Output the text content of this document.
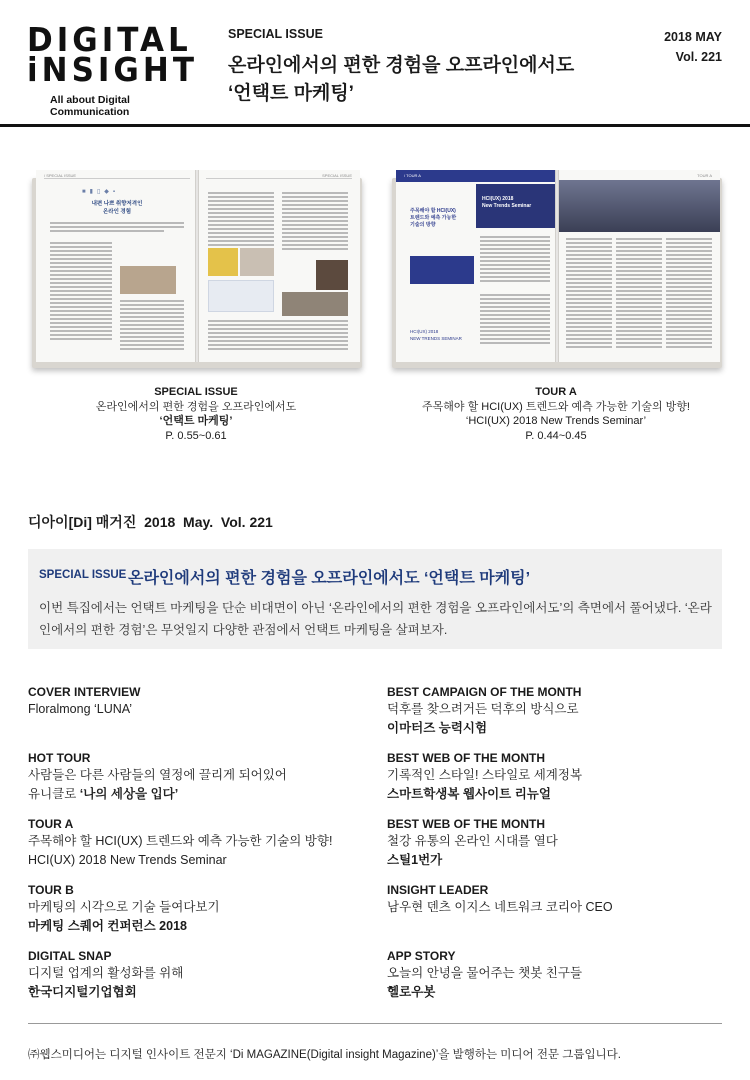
DIGITAL
iNSIGHT
All about Digital Communication
SPECIAL ISSUE
온라인에서의 편한 경험을 오프라인에서도
‘언택트 마케팅’
2018 MAY
Vol. 221
/ SPECIAL ISSUE
■▮▯◆▪
내편 나쁘 취향저격인
온라인 경험
SPECIAL ISSUE	/ TOUR A
주목해야 할 HCI(UX)
트렌드와 예측 가능한
기술의 방향
HCI(UX) 2018
New Trends Seminar
HCI(UX) 2018
NEW TRENDS SEMINAR
TOUR A
SPECIAL ISSUE
온라인에서의 편한 경험을 오프라인에서도
‘언택트 마케팅’
P. 0.55~0.61
TOUR A
주목해야 할 HCI(UX) 트렌드와 예측 가능한 기술의 방향!
‘HCI(UX) 2018 New Trends Seminar’
P. 0.44~0.45
디아이[Di] 매거진  2018  May.  Vol. 221
SPECIAL ISSUE 온라인에서의 편한 경험을 오프라인에서도 ‘언택트 마케팅’
이번 특집에서는 언택트 마케팅을 단순 비대면이 아닌 ‘온라인에서의 편한 경험을 오프라인에서도’의 측면에서 풀어냈다. ‘온라인에서의 편한 경험’은 무엇일지 다양한 관점에서 언택트 마케팅을 살펴보자.
COVER INTERVIEW
Floralmong ‘LUNA’
HOT TOUR
사람들은 다른 사람들의 열정에 끌리게 되어있어
유니클로 ‘나의 세상을 입다’
TOUR A
주목해야 할 HCI(UX) 트렌드와 예측 가능한 기술의 방향!
HCI(UX) 2018 New Trends Seminar
TOUR B
마케팅의 시각으로 기술 들여다보기
마케팅 스퀘어 컨퍼런스 2018
DIGITAL SNAP
디지털 업계의 활성화를 위해
한국디지털기업협회
BEST CAMPAIGN OF THE MONTH
덕후를 찾으려거든 덕후의 방식으로
이마터즈 능력시험
BEST WEB OF THE MONTH
기록적인 스타일! 스타일로 세계정복
스마트학생복 웹사이트 리뉴얼
BEST WEB OF THE MONTH
철강 유통의 온라인 시대를 열다
스틸1번가
INSIGHT LEADER
남우현 덴츠 이지스 네트워크 코리아 CEO
APP STORY
오늘의 안녕을 물어주는 챗봇 친구들
헬로우봇
㈜웹스미디어는 디지털 인사이트 전문지 ‘Di MAGAZINE(Digital insight Magazine)’을 발행하는 미디어 전문 그룹입니다.
